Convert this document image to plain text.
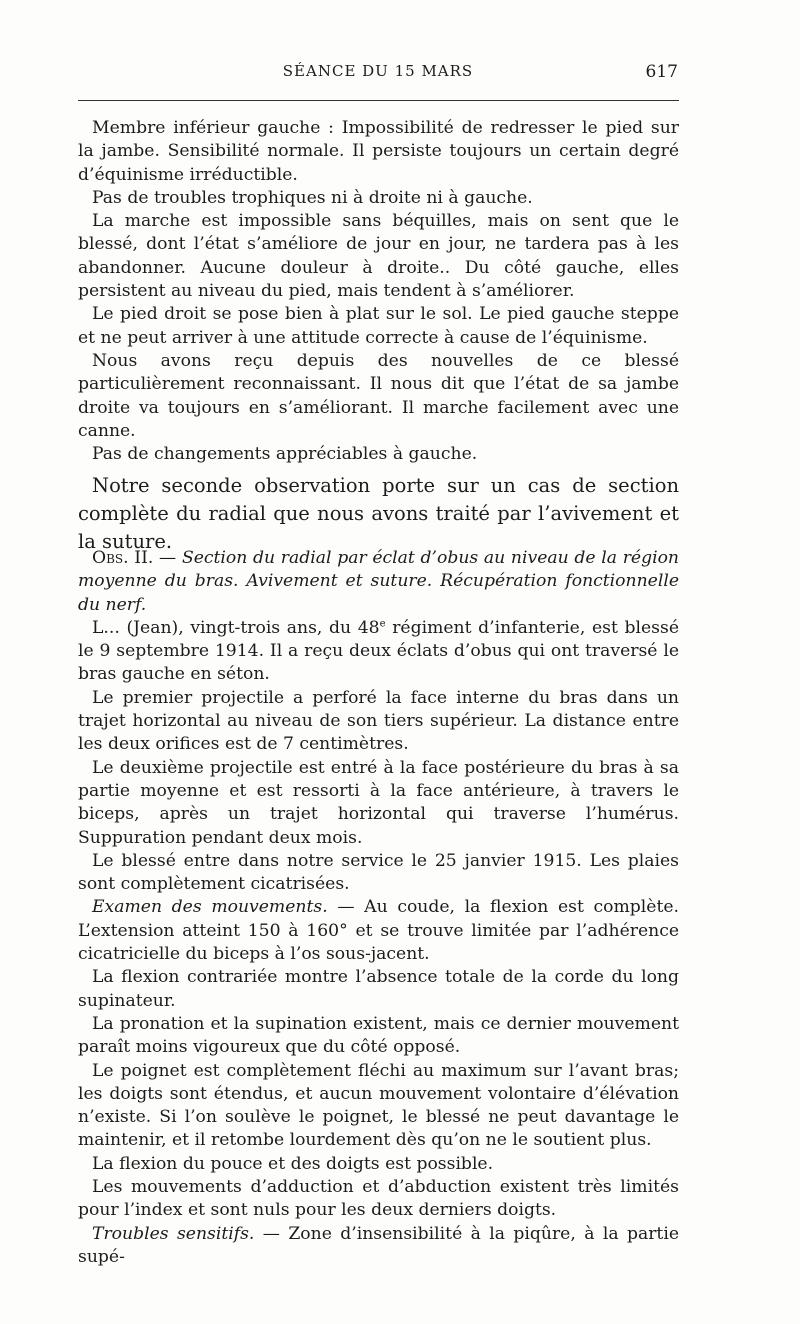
SÉANCE DU 15 MARS	617

Membre inférieur gauche : Impossibilité de redresser le pied sur la jambe. Sensibilité normale. Il persiste toujours un certain degré d’équinisme irréductible.

Pas de troubles trophiques ni à droite ni à gauche.

La marche est impossible sans béquilles, mais on sent que le blessé, dont l’état s’améliore de jour en jour, ne tardera pas à les abandonner. Aucune douleur à droite.. Du côté gauche, elles persistent au niveau du pied, mais tendent à s’améliorer.

Le pied droit se pose bien à plat sur le sol. Le pied gauche steppe et ne peut arriver à une attitude correcte à cause de l’équinisme.

Nous avons reçu depuis des nouvelles de ce blessé particulièrement reconnaissant. Il nous dit que l’état de sa jambe droite va toujours en s’améliorant. Il marche facilement avec une canne.

Pas de changements appréciables à gauche.

Notre seconde observation porte sur un cas de section complète du radial que nous avons traité par l’avivement et la suture.

Obs. II. — Section du radial par éclat d’obus au niveau de la région moyenne du bras. Avivement et suture. Récupération fonctionnelle du nerf.

L... (Jean), vingt-trois ans, du 48e régiment d’infanterie, est blessé le 9 septembre 1914. Il a reçu deux éclats d’obus qui ont traversé le bras gauche en séton.

Le premier projectile a perforé la face interne du bras dans un trajet horizontal au niveau de son tiers supérieur. La distance entre les deux orifices est de 7 centimètres.

Le deuxième projectile est entré à la face postérieure du bras à sa partie moyenne et est ressorti à la face antérieure, à travers le biceps, après un trajet horizontal qui traverse l’humérus. Suppuration pendant deux mois.

Le blessé entre dans notre service le 25 janvier 1915. Les plaies sont complètement cicatrisées.

Examen des mouvements. — Au coude, la flexion est complète. L’extension atteint 150 à 160° et se trouve limitée par l’adhérence cicatricielle du biceps à l’os sous-jacent.

La flexion contrariée montre l’absence totale de la corde du long supinateur.

La pronation et la supination existent, mais ce dernier mouvement paraît moins vigoureux que du côté opposé.

Le poignet est complètement fléchi au maximum sur l’avant bras; les doigts sont étendus, et aucun mouvement volontaire d’élévation n’existe. Si l’on soulève le poignet, le blessé ne peut davantage le maintenir, et il retombe lourdement dès qu’on ne le soutient plus.

La flexion du pouce et des doigts est possible.

Les mouvements d’adduction et d’abduction existent très limités pour l’index et sont nuls pour les deux derniers doigts.

Troubles sensitifs. — Zone d’insensibilité à la piqûre, à la partie supé-
